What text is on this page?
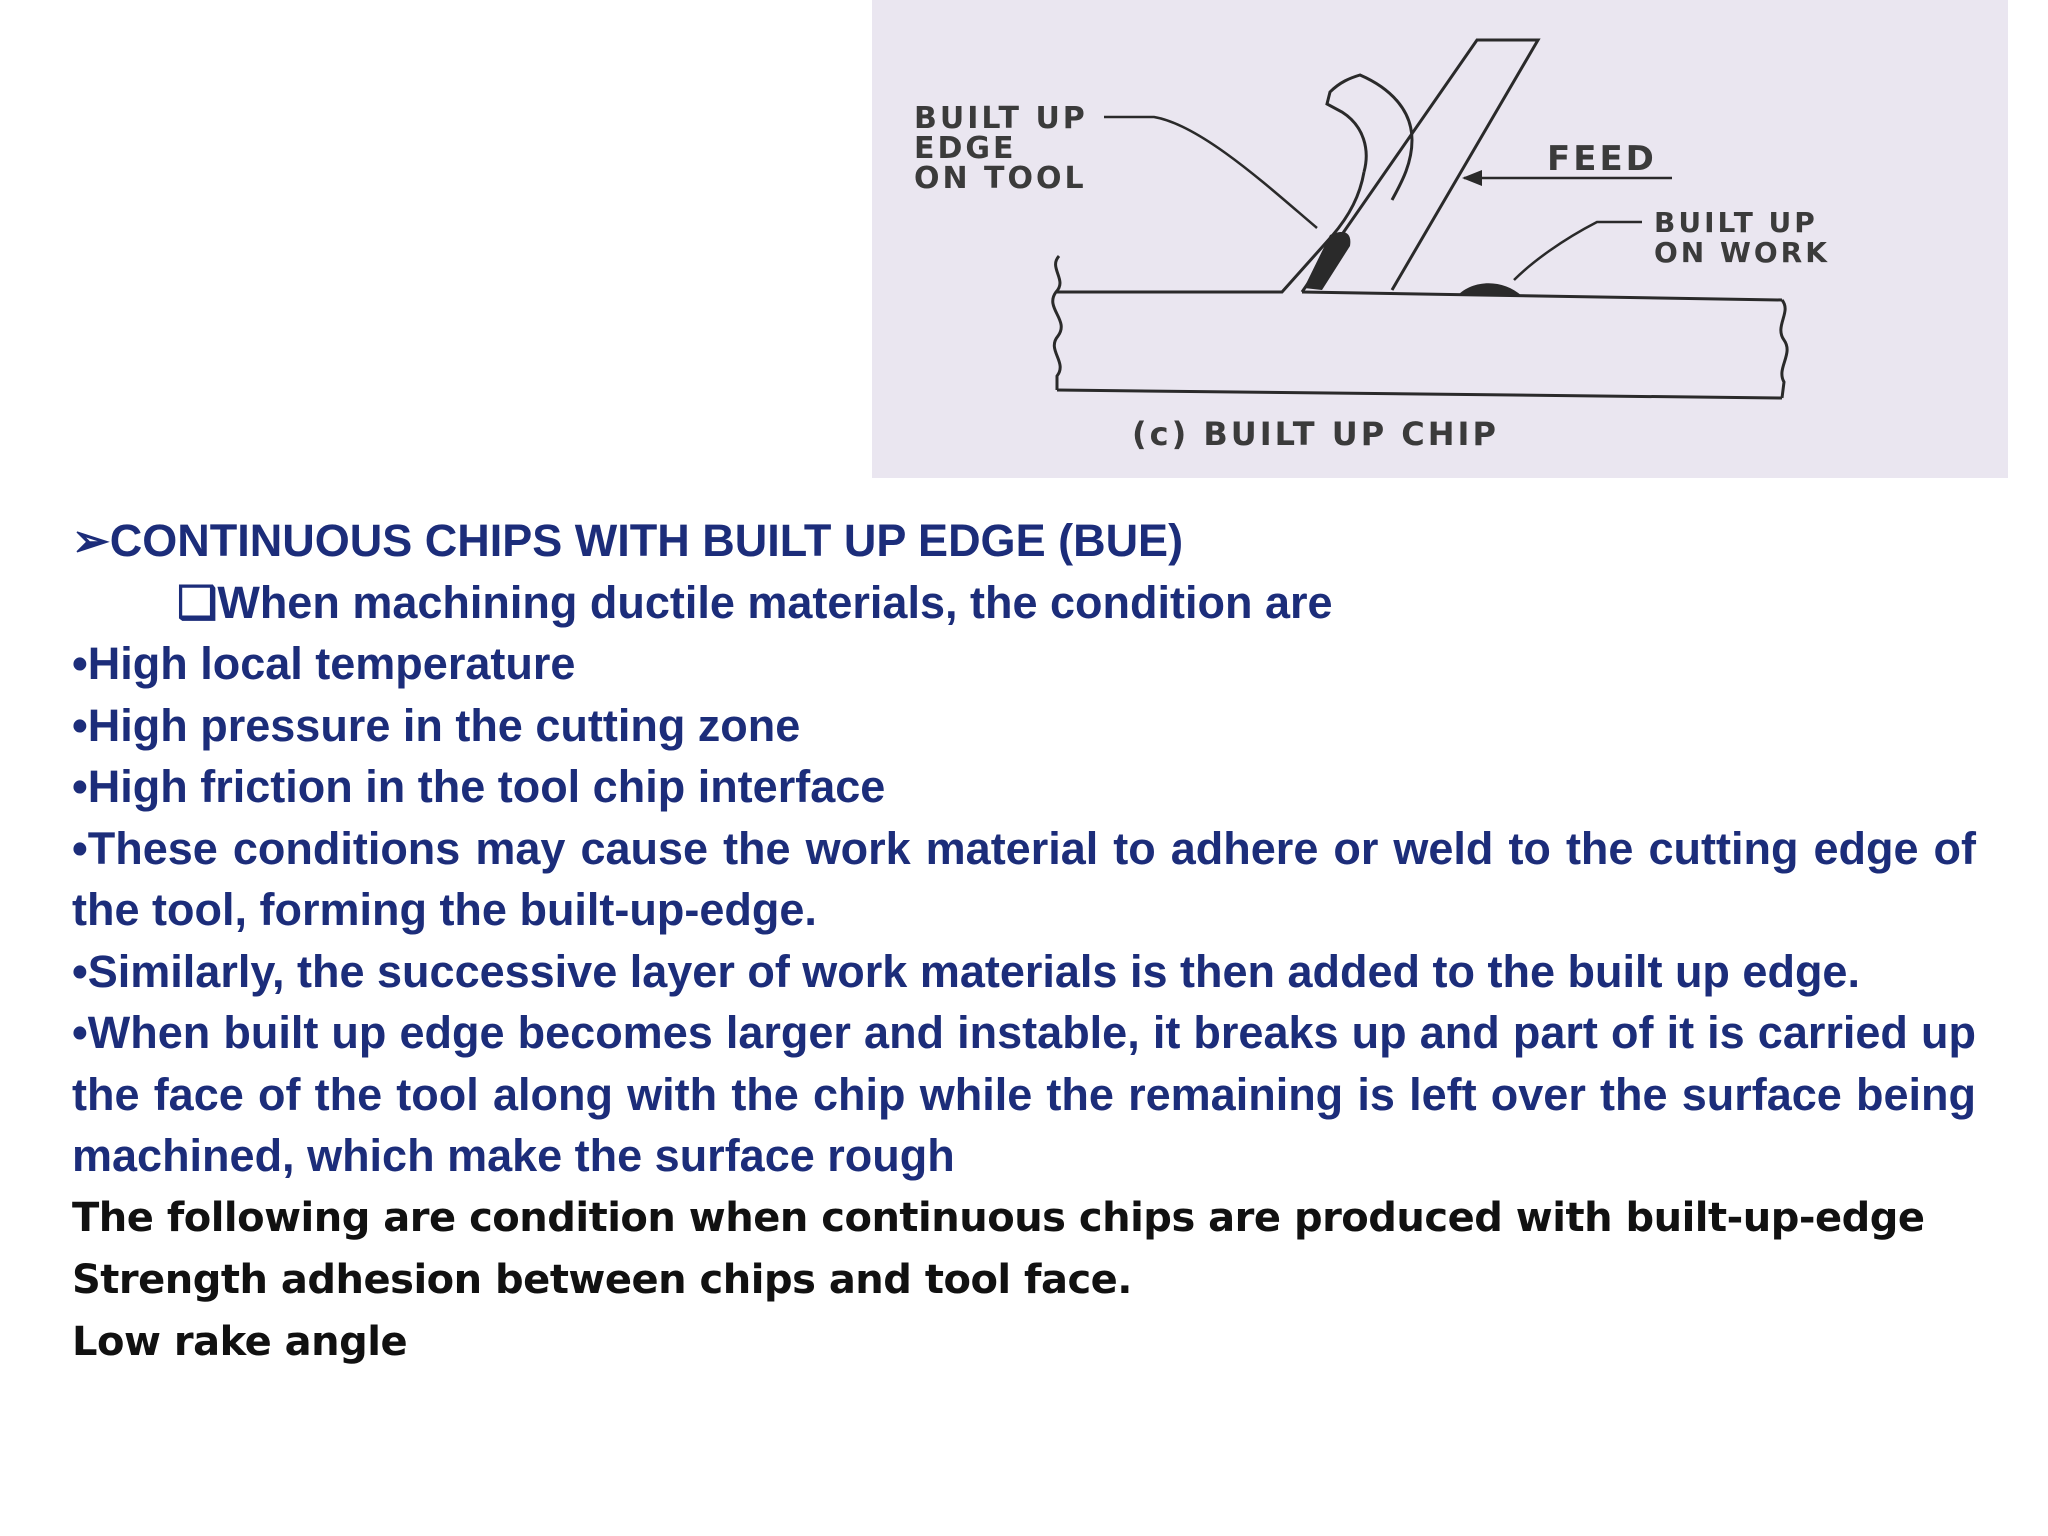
BUILT UP
EDGE
ON TOOL	FEED
BUILT UP
ON WORK
(c) BUILT UP CHIP
➢CONTINUOUS CHIPS WITH BUILT UP EDGE (BUE)
❑When machining ductile materials, the condition are
•High local temperature
•High pressure in the cutting zone
•High friction in the tool chip interface
•These conditions may cause the work material to adhere or weld to the cutting edge of the tool, forming the built-up-edge.
•Similarly, the successive layer of work materials is then added to the built up edge.
•When built up edge becomes larger and instable, it breaks up and part of it is carried up the face of the tool along with the chip while the remaining is left over the surface being machined, which make the surface rough
The following are condition when continuous chips are produced with built-up-edge
Strength adhesion between chips and tool face.
Low rake angle
